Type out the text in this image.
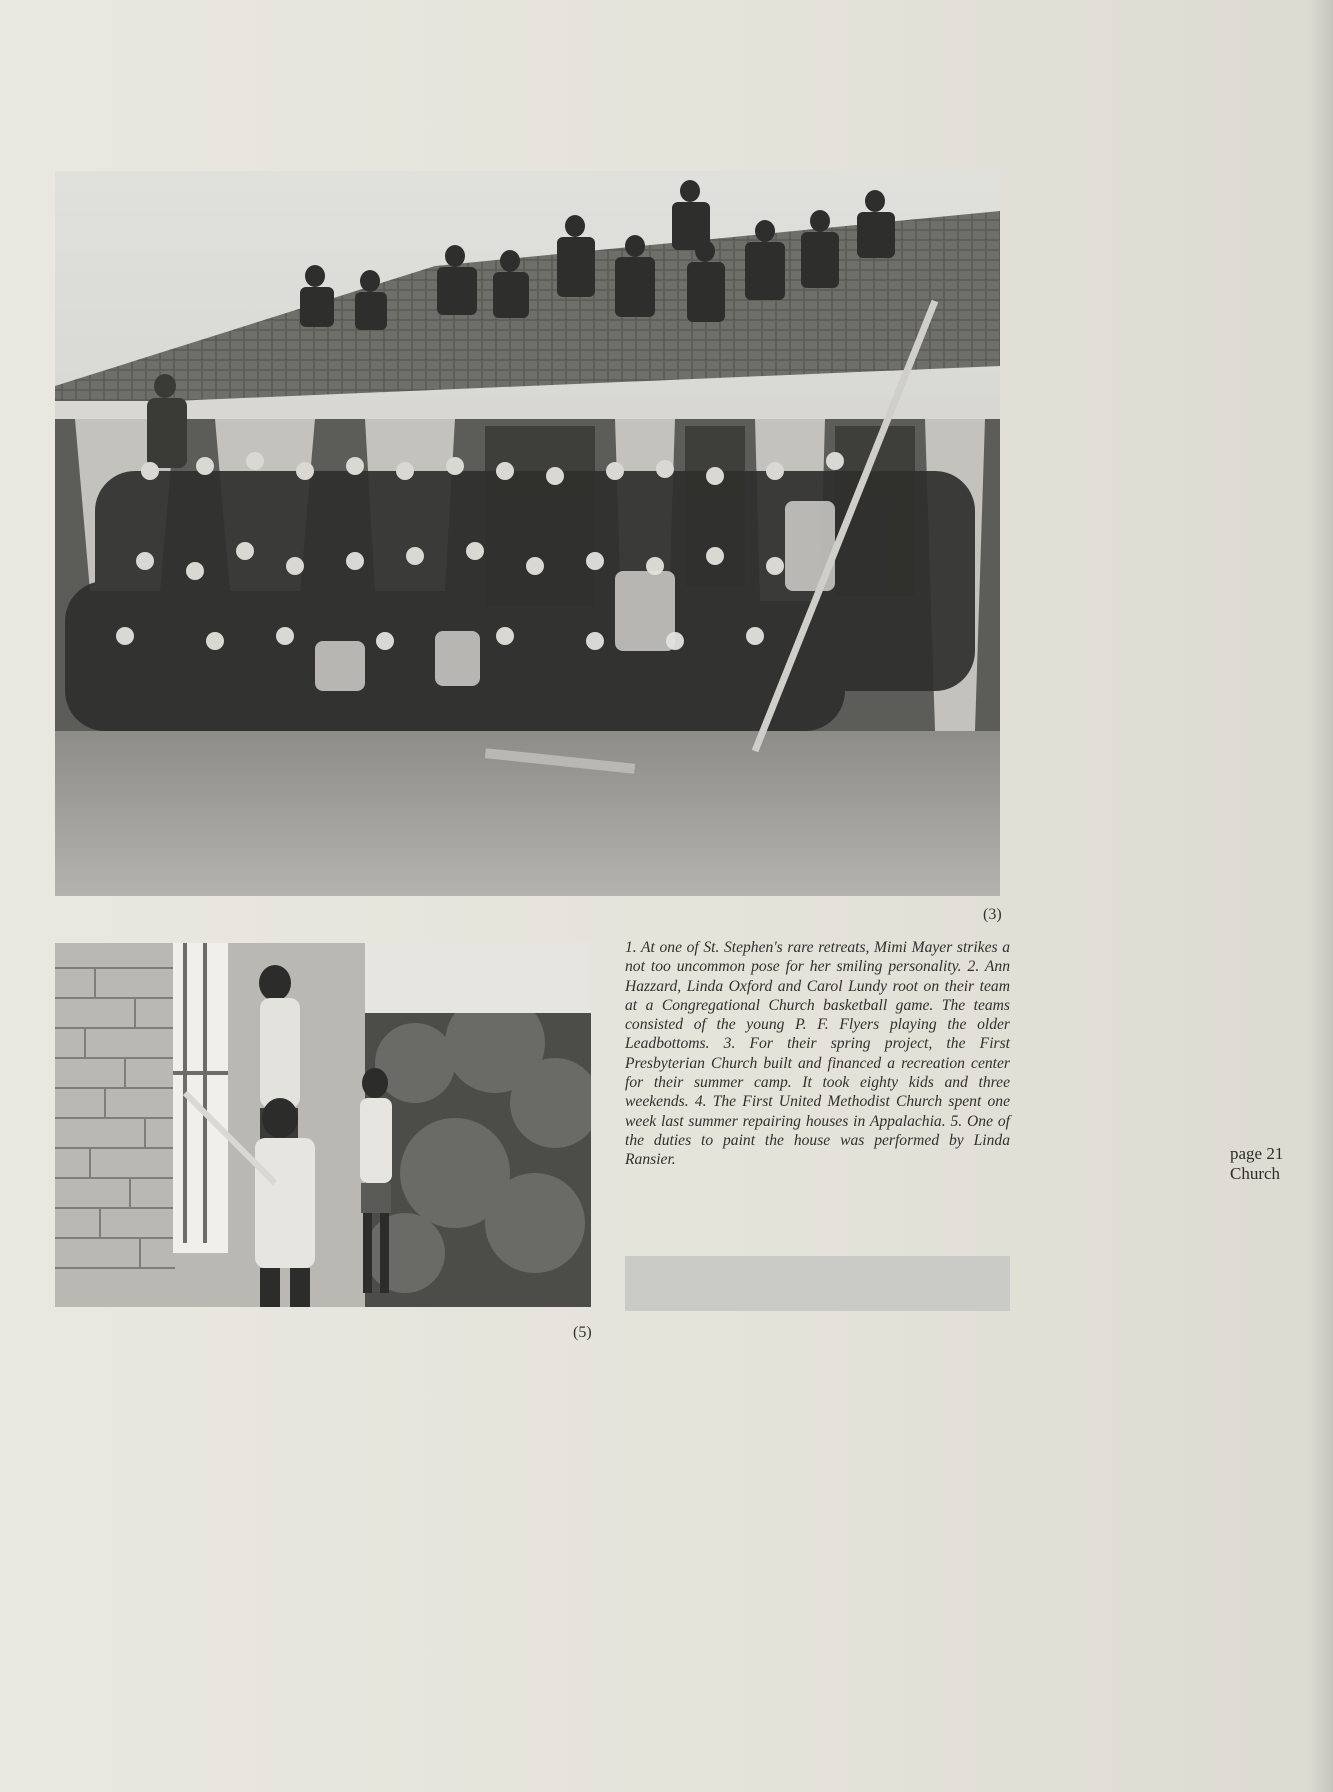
(3)
(5)
1. At one of St. Stephen's rare retreats, Mimi Mayer strikes a not too uncommon pose for her smiling personality. 2. Ann Hazzard, Linda Oxford and Carol Lundy root on their team at a Congregational Church basketball game. The teams consisted of the young P. F. Flyers playing the older Leadbottoms. 3. For their spring project, the First Presbyterian Church built and financed a recreation center for their summer camp. It took eighty kids and three weekends. 4. The First United Methodist Church spent one week last summer repairing houses in Appalachia. 5. One of the duties to paint the house was performed by Linda Ransier.	page 21
Church
